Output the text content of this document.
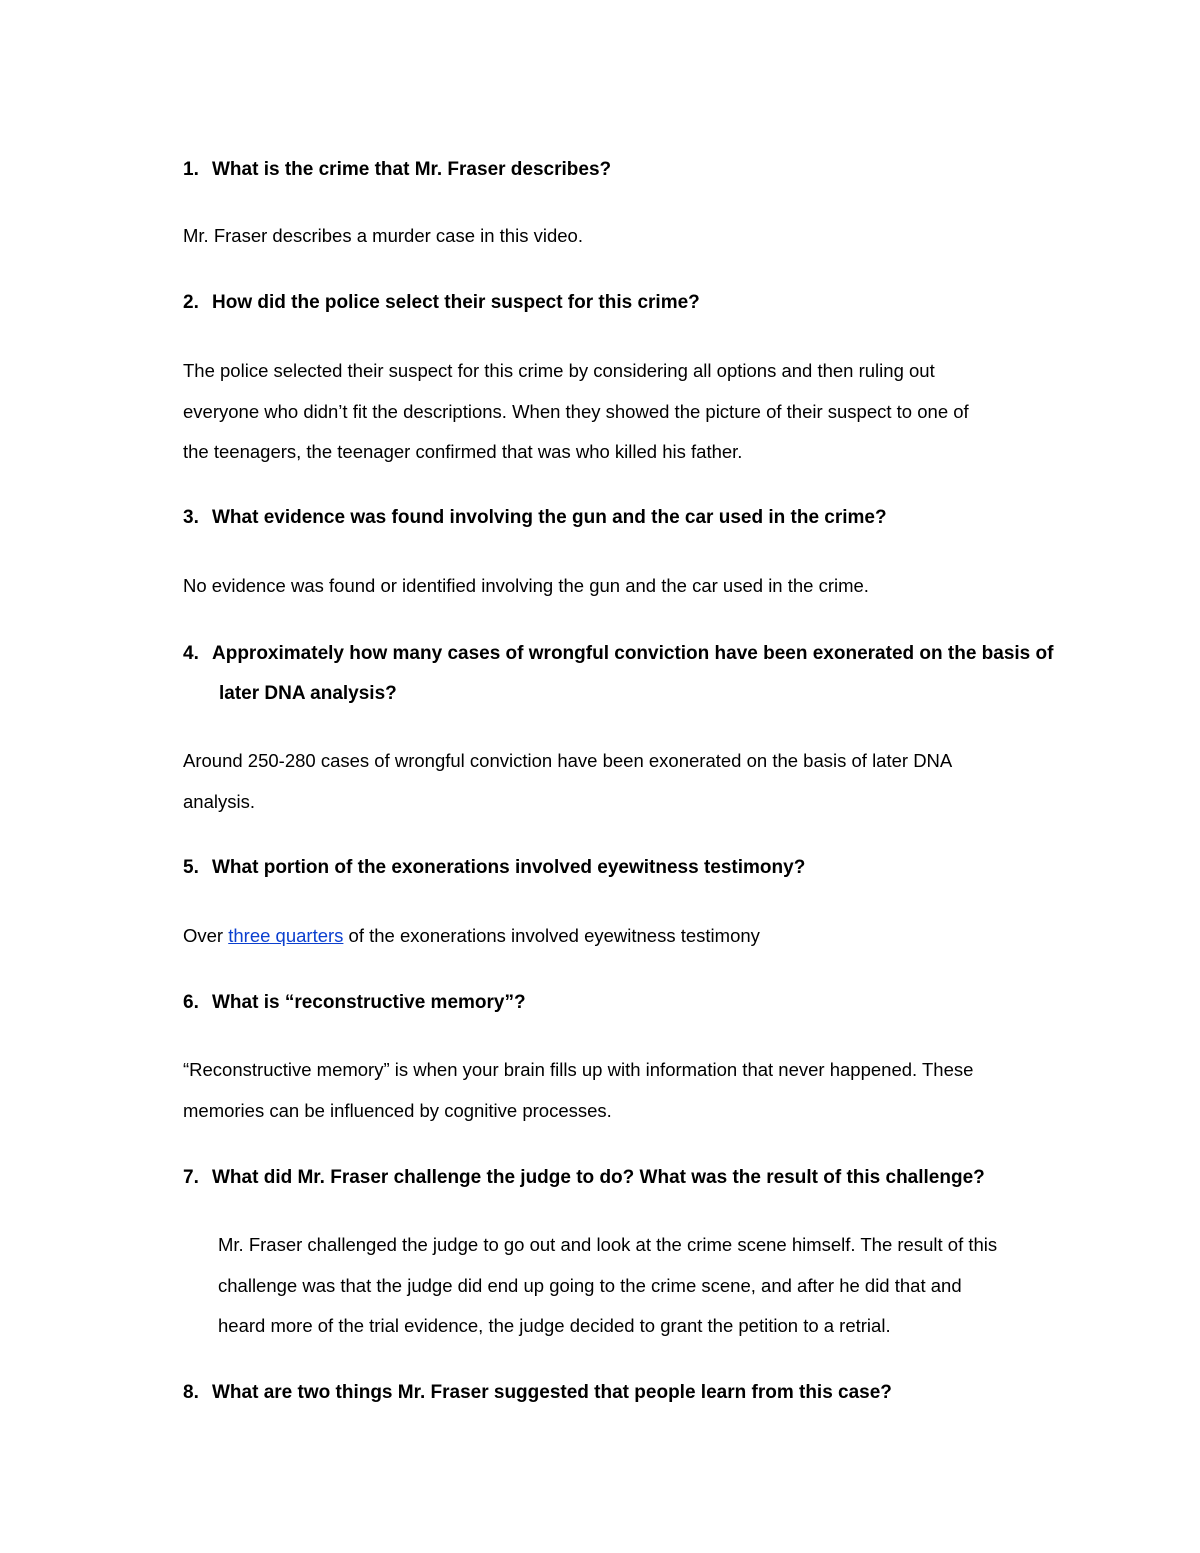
1. What is the crime that Mr. Fraser describes?
Mr. Fraser describes a murder case in this video.
2. How did the police select their suspect for this crime?
The police selected their suspect for this crime by considering all options and then ruling out
everyone who didn’t fit the descriptions. When they showed the picture of their suspect to one of
the teenagers, the teenager confirmed that was who killed his father.
3. What evidence was found involving the gun and the car used in the crime?
No evidence was found or identified involving the gun and the car used in the crime.
4. Approximately how many cases of wrongful conviction have been exonerated on the basis of
later DNA analysis?
Around 250-280 cases of wrongful conviction have been exonerated on the basis of later DNA
analysis.
5. What portion of the exonerations involved eyewitness testimony?
Over three quarters of the exonerations involved eyewitness testimony
6. What is “reconstructive memory”?
“Reconstructive memory” is when your brain fills up with information that never happened. These
memories can be influenced by cognitive processes.
7. What did Mr. Fraser challenge the judge to do? What was the result of this challenge?
Mr. Fraser challenged the judge to go out and look at the crime scene himself. The result of this
challenge was that the judge did end up going to the crime scene, and after he did that and
heard more of the trial evidence, the judge decided to grant the petition to a retrial.
8. What are two things Mr. Fraser suggested that people learn from this case?
